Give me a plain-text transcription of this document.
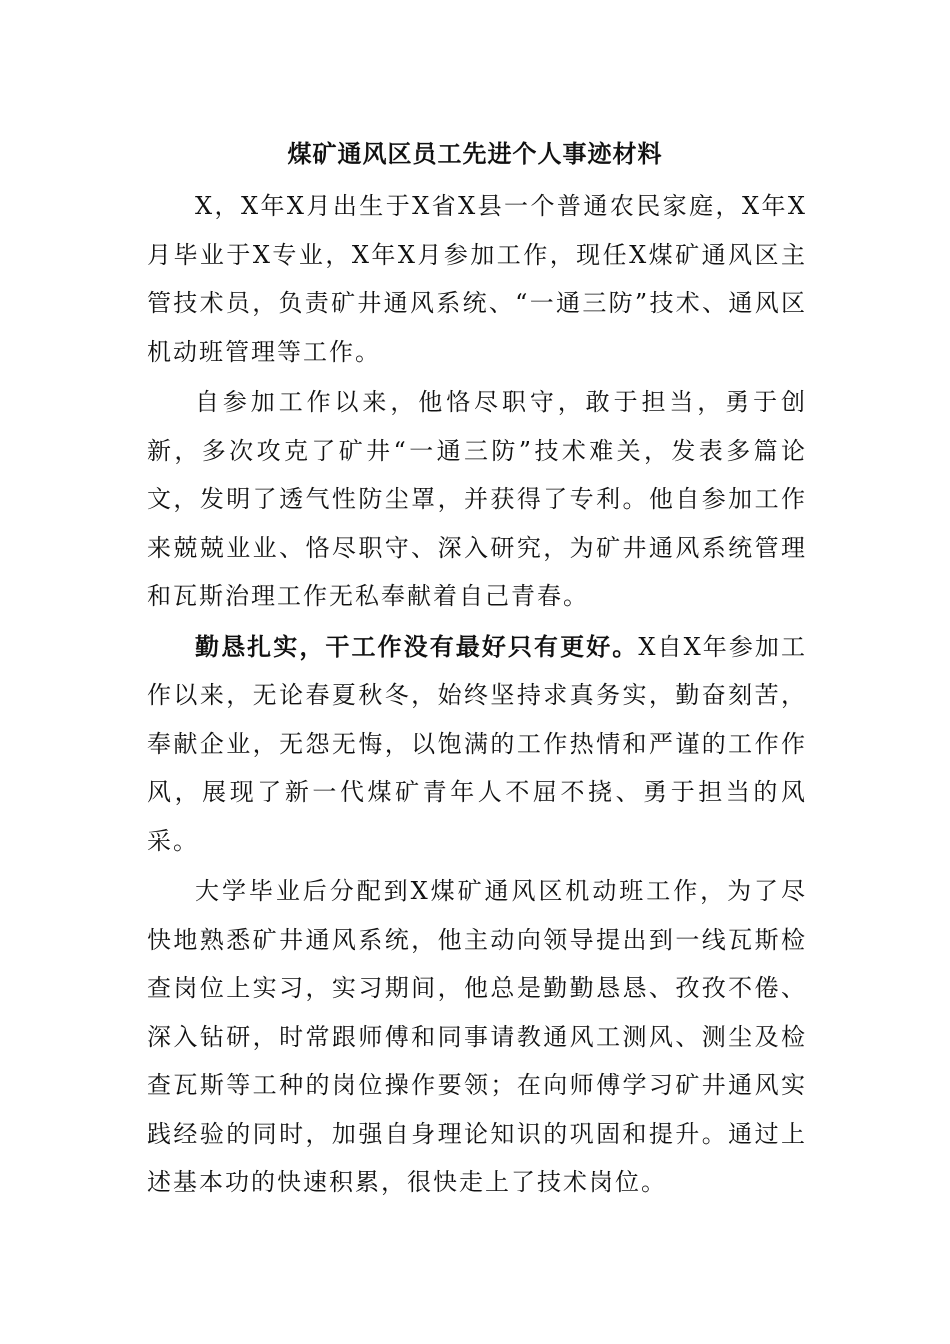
煤矿通风区员工先进个人事迹材料

X，X年X月出生于X省X县一个普通农民家庭，X年X月毕业于X专业，X年X月参加工作，现任X煤矿通风区主管技术员，负责矿井通风系统、“一通三防”技术、通风区机动班管理等工作。

自参加工作以来，他恪尽职守，敢于担当，勇于创新，多次攻克了矿井“一通三防”技术难关，发表多篇论文，发明了透气性防尘罩，并获得了专利。他自参加工作来兢兢业业、恪尽职守、深入研究，为矿井通风系统管理和瓦斯治理工作无私奉献着自己青春。

勤恳扎实，干工作没有最好只有更好。X自X年参加工作以来，无论春夏秋冬，始终坚持求真务实，勤奋刻苦，奉献企业，无怨无悔，以饱满的工作热情和严谨的工作作风，展现了新一代煤矿青年人不屈不挠、勇于担当的风采。

大学毕业后分配到X煤矿通风区机动班工作，为了尽快地熟悉矿井通风系统，他主动向领导提出到一线瓦斯检查岗位上实习，实习期间，他总是勤勤恳恳、孜孜不倦、深入钻研，时常跟师傅和同事请教通风工测风、测尘及检查瓦斯等工种的岗位操作要领；在向师傅学习矿井通风实践经验的同时，加强自身理论知识的巩固和提升。通过上述基本功的快速积累，很快走上了技术岗位。
